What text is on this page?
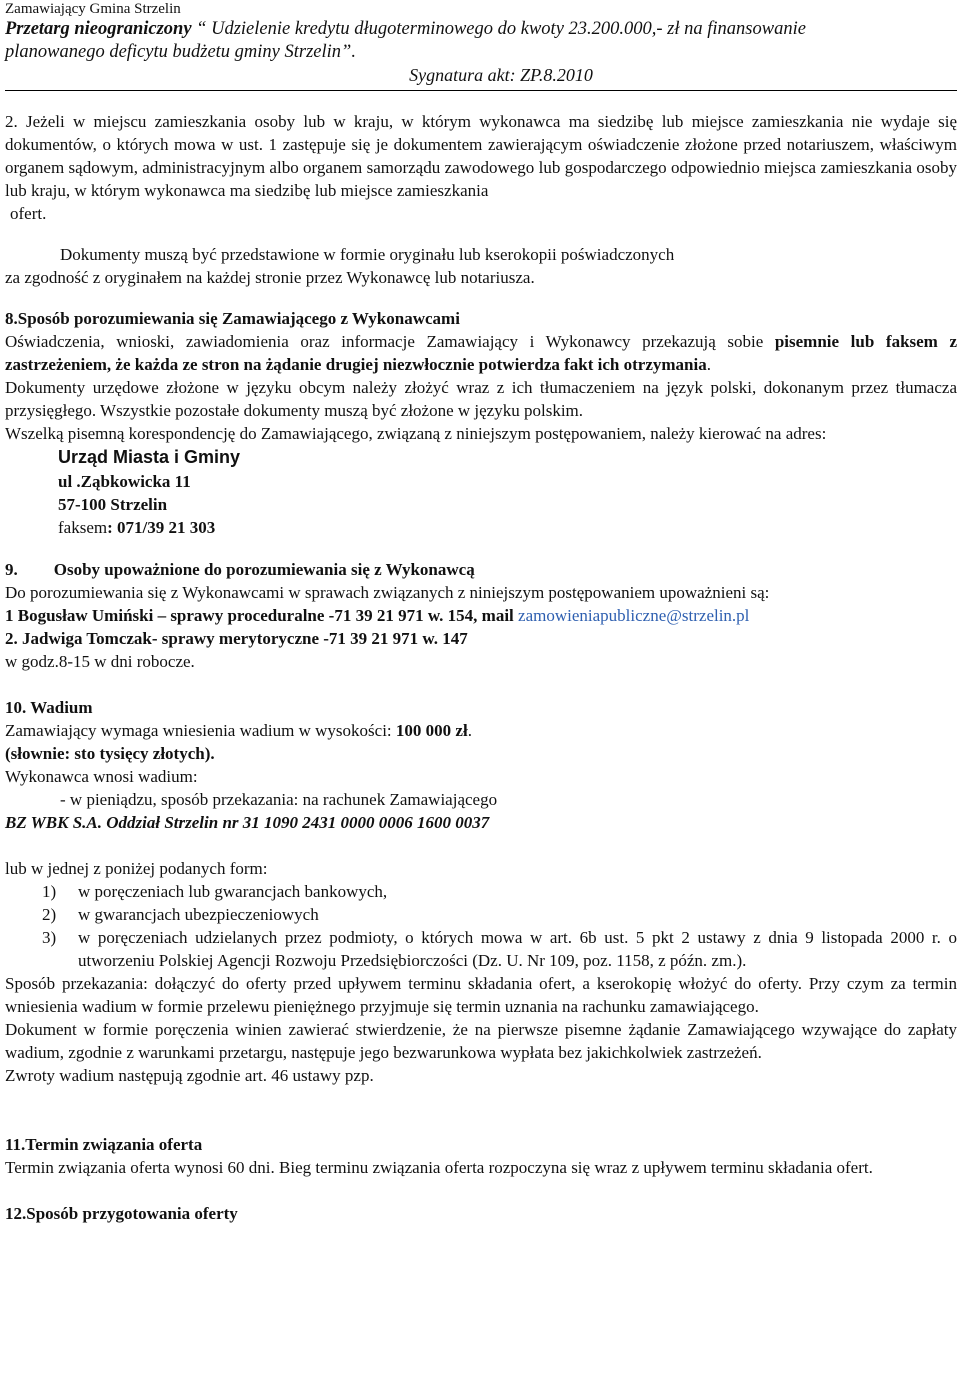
Zamawiający Gmina Strzelin
Przetarg nieograniczony “ Udzielenie kredytu długoterminowego do kwoty 23.200.000,- zł na finansowanie
planowanego deficytu budżetu gminy Strzelin”.
Sygnatura akt: ZP.8.2010

2. Jeżeli w miejscu zamieszkania osoby lub w kraju, w którym wykonawca ma siedzibę lub miejsce zamieszkania nie wydaje się dokumentów, o których mowa w ust. 1 zastępuje się je dokumentem zawierającym oświadczenie złożone przed notariuszem, właściwym organem sądowym, administracyjnym albo organem samorządu zawodowego lub gospodarczego odpowiednio miejsca zamieszkania osoby lub kraju, w którym wykonawca ma siedzibę lub miejsce zamieszkania

ofert.

Dokumenty muszą być przedstawione w formie oryginału lub kserokopii poświadczonych

za zgodność z oryginałem na każdej stronie przez Wykonawcę lub notariusza.

8.Sposób porozumiewania się Zamawiającego z Wykonawcami

Oświadczenia, wnioski, zawiadomienia oraz informacje Zamawiający i Wykonawcy przekazują sobie pisemnie lub faksem z zastrzeżeniem, że każda ze stron na żądanie drugiej niezwłocznie potwierdza fakt ich otrzymania.

Dokumenty urzędowe złożone w języku obcym należy złożyć wraz z ich tłumaczeniem na język polski, dokonanym przez tłumacza przysięgłego. Wszystkie pozostałe dokumenty muszą być złożone w języku polskim.

Wszelką pisemną korespondencję do Zamawiającego, związaną z niniejszym postępowaniem, należy kierować na adres:

Urząd Miasta i Gminy
ul .Ząbkowicka 11
57-100 Strzelin
faksem: 071/39 21 303

9. Osoby upoważnione do porozumiewania się z Wykonawcą

Do porozumiewania się z Wykonawcami w sprawach związanych z niniejszym postępowaniem upoważnieni są:

1 Bogusław Umiński – sprawy proceduralne -71 39 21 971 w. 154, mail zamowieniapubliczne@strzelin.pl

2. Jadwiga Tomczak- sprawy merytoryczne -71 39 21 971 w. 147

w godz.8-15 w dni robocze.

10. Wadium

Zamawiający wymaga wniesienia wadium w wysokości: 100 000 zł.

(słownie: sto tysięcy złotych).

Wykonawca wnosi wadium:

- w pieniądzu, sposób przekazania: na rachunek Zamawiającego

BZ WBK S.A. Oddział Strzelin nr 31 1090 2431 0000 0006 1600 0037

lub w jednej z poniżej podanych form:

1. 1) w poręczeniach lub gwarancjach bankowych,
2. 2) w gwarancjach ubezpieczeniowych
3. 3) w poręczeniach udzielanych przez podmioty, o których mowa w art. 6b ust. 5 pkt 2 ustawy z dnia 9 listopada 2000 r. o utworzeniu Polskiej Agencji Rozwoju Przedsiębiorczości (Dz. U. Nr 109, poz. 1158, z późn. zm.).

Sposób przekazania: dołączyć do oferty przed upływem terminu składania ofert, a kserokopię włożyć do oferty. Przy czym za termin wniesienia wadium w formie przelewu pieniężnego przyjmuje się termin uznania na rachunku zamawiającego.

Dokument w formie poręczenia winien zawierać stwierdzenie, że na pierwsze pisemne żądanie Zamawiającego wzywające do zapłaty wadium, zgodnie z warunkami przetargu, następuje jego bezwarunkowa wypłata bez jakichkolwiek zastrzeżeń.

Zwroty wadium następują zgodnie art. 46 ustawy pzp.

11.Termin związania oferta

Termin związania oferta wynosi 60 dni. Bieg terminu związania oferta rozpoczyna się wraz z upływem terminu składania ofert.

12.Sposób przygotowania oferty
